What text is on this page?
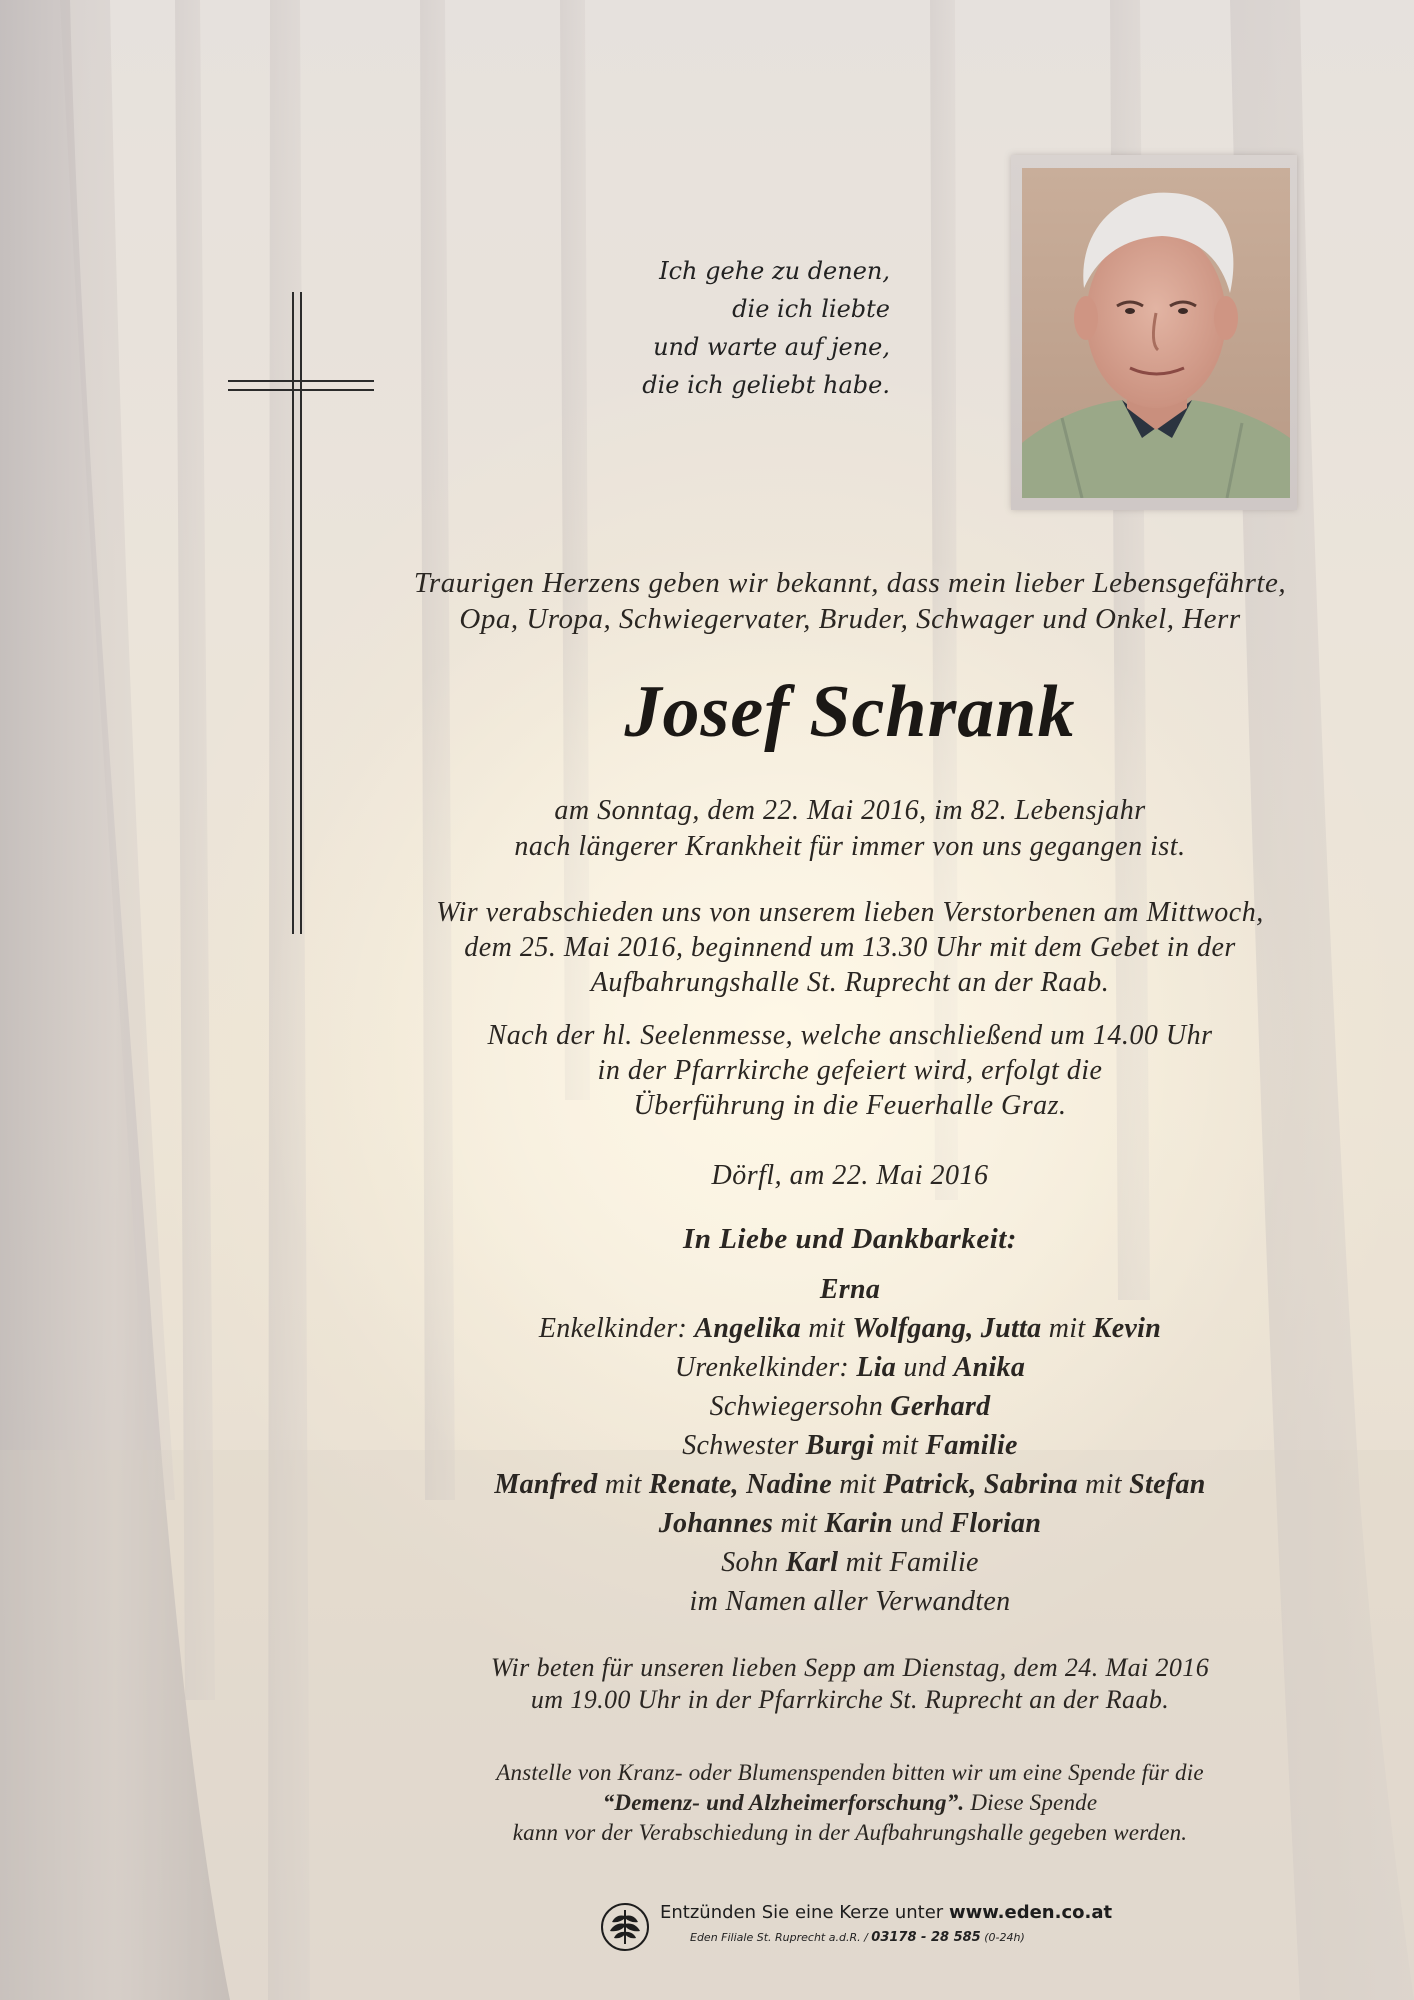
Ich gehe zu denen,
die ich liebte
und warte auf jene,
die ich geliebt habe.
Traurigen Herzens geben wir bekannt, dass mein lieber Lebensgefährte,
Opa, Uropa, Schwiegervater, Bruder, Schwager und Onkel, Herr
Josef Schrank
am Sonntag, dem 22. Mai 2016, im 82. Lebensjahr
nach längerer Krankheit für immer von uns gegangen ist.
Wir verabschieden uns von unserem lieben Verstorbenen am Mittwoch,
dem 25. Mai 2016, beginnend um 13.30 Uhr mit dem Gebet in der
Aufbahrungshalle St. Ruprecht an der Raab.
Nach der hl. Seelenmesse, welche anschließend um 14.00 Uhr
in der Pfarrkirche gefeiert wird, erfolgt die
Überführung in die Feuerhalle Graz.
Dörfl, am 22. Mai 2016
In Liebe und Dankbarkeit:
Erna
Enkelkinder: Angelika mit Wolfgang, Jutta mit Kevin
Urenkelkinder: Lia und Anika
Schwiegersohn Gerhard
Schwester Burgi mit Familie
Manfred mit Renate, Nadine mit Patrick, Sabrina mit Stefan
Johannes mit Karin und Florian
Sohn Karl mit Familie
im Namen aller Verwandten
Wir beten für unseren lieben Sepp am Dienstag, dem 24. Mai 2016
um 19.00 Uhr in der Pfarrkirche St. Ruprecht an der Raab.
Anstelle von Kranz- oder Blumenspenden bitten wir um eine Spende für die
“Demenz- und Alzheimerforschung”. Diese Spende
kann vor der Verabschiedung in der Aufbahrungshalle gegeben werden.
Entzünden Sie eine Kerze unter www.eden.co.at
Eden Filiale St. Ruprecht a.d.R. / 03178 - 28 585 (0-24h)
